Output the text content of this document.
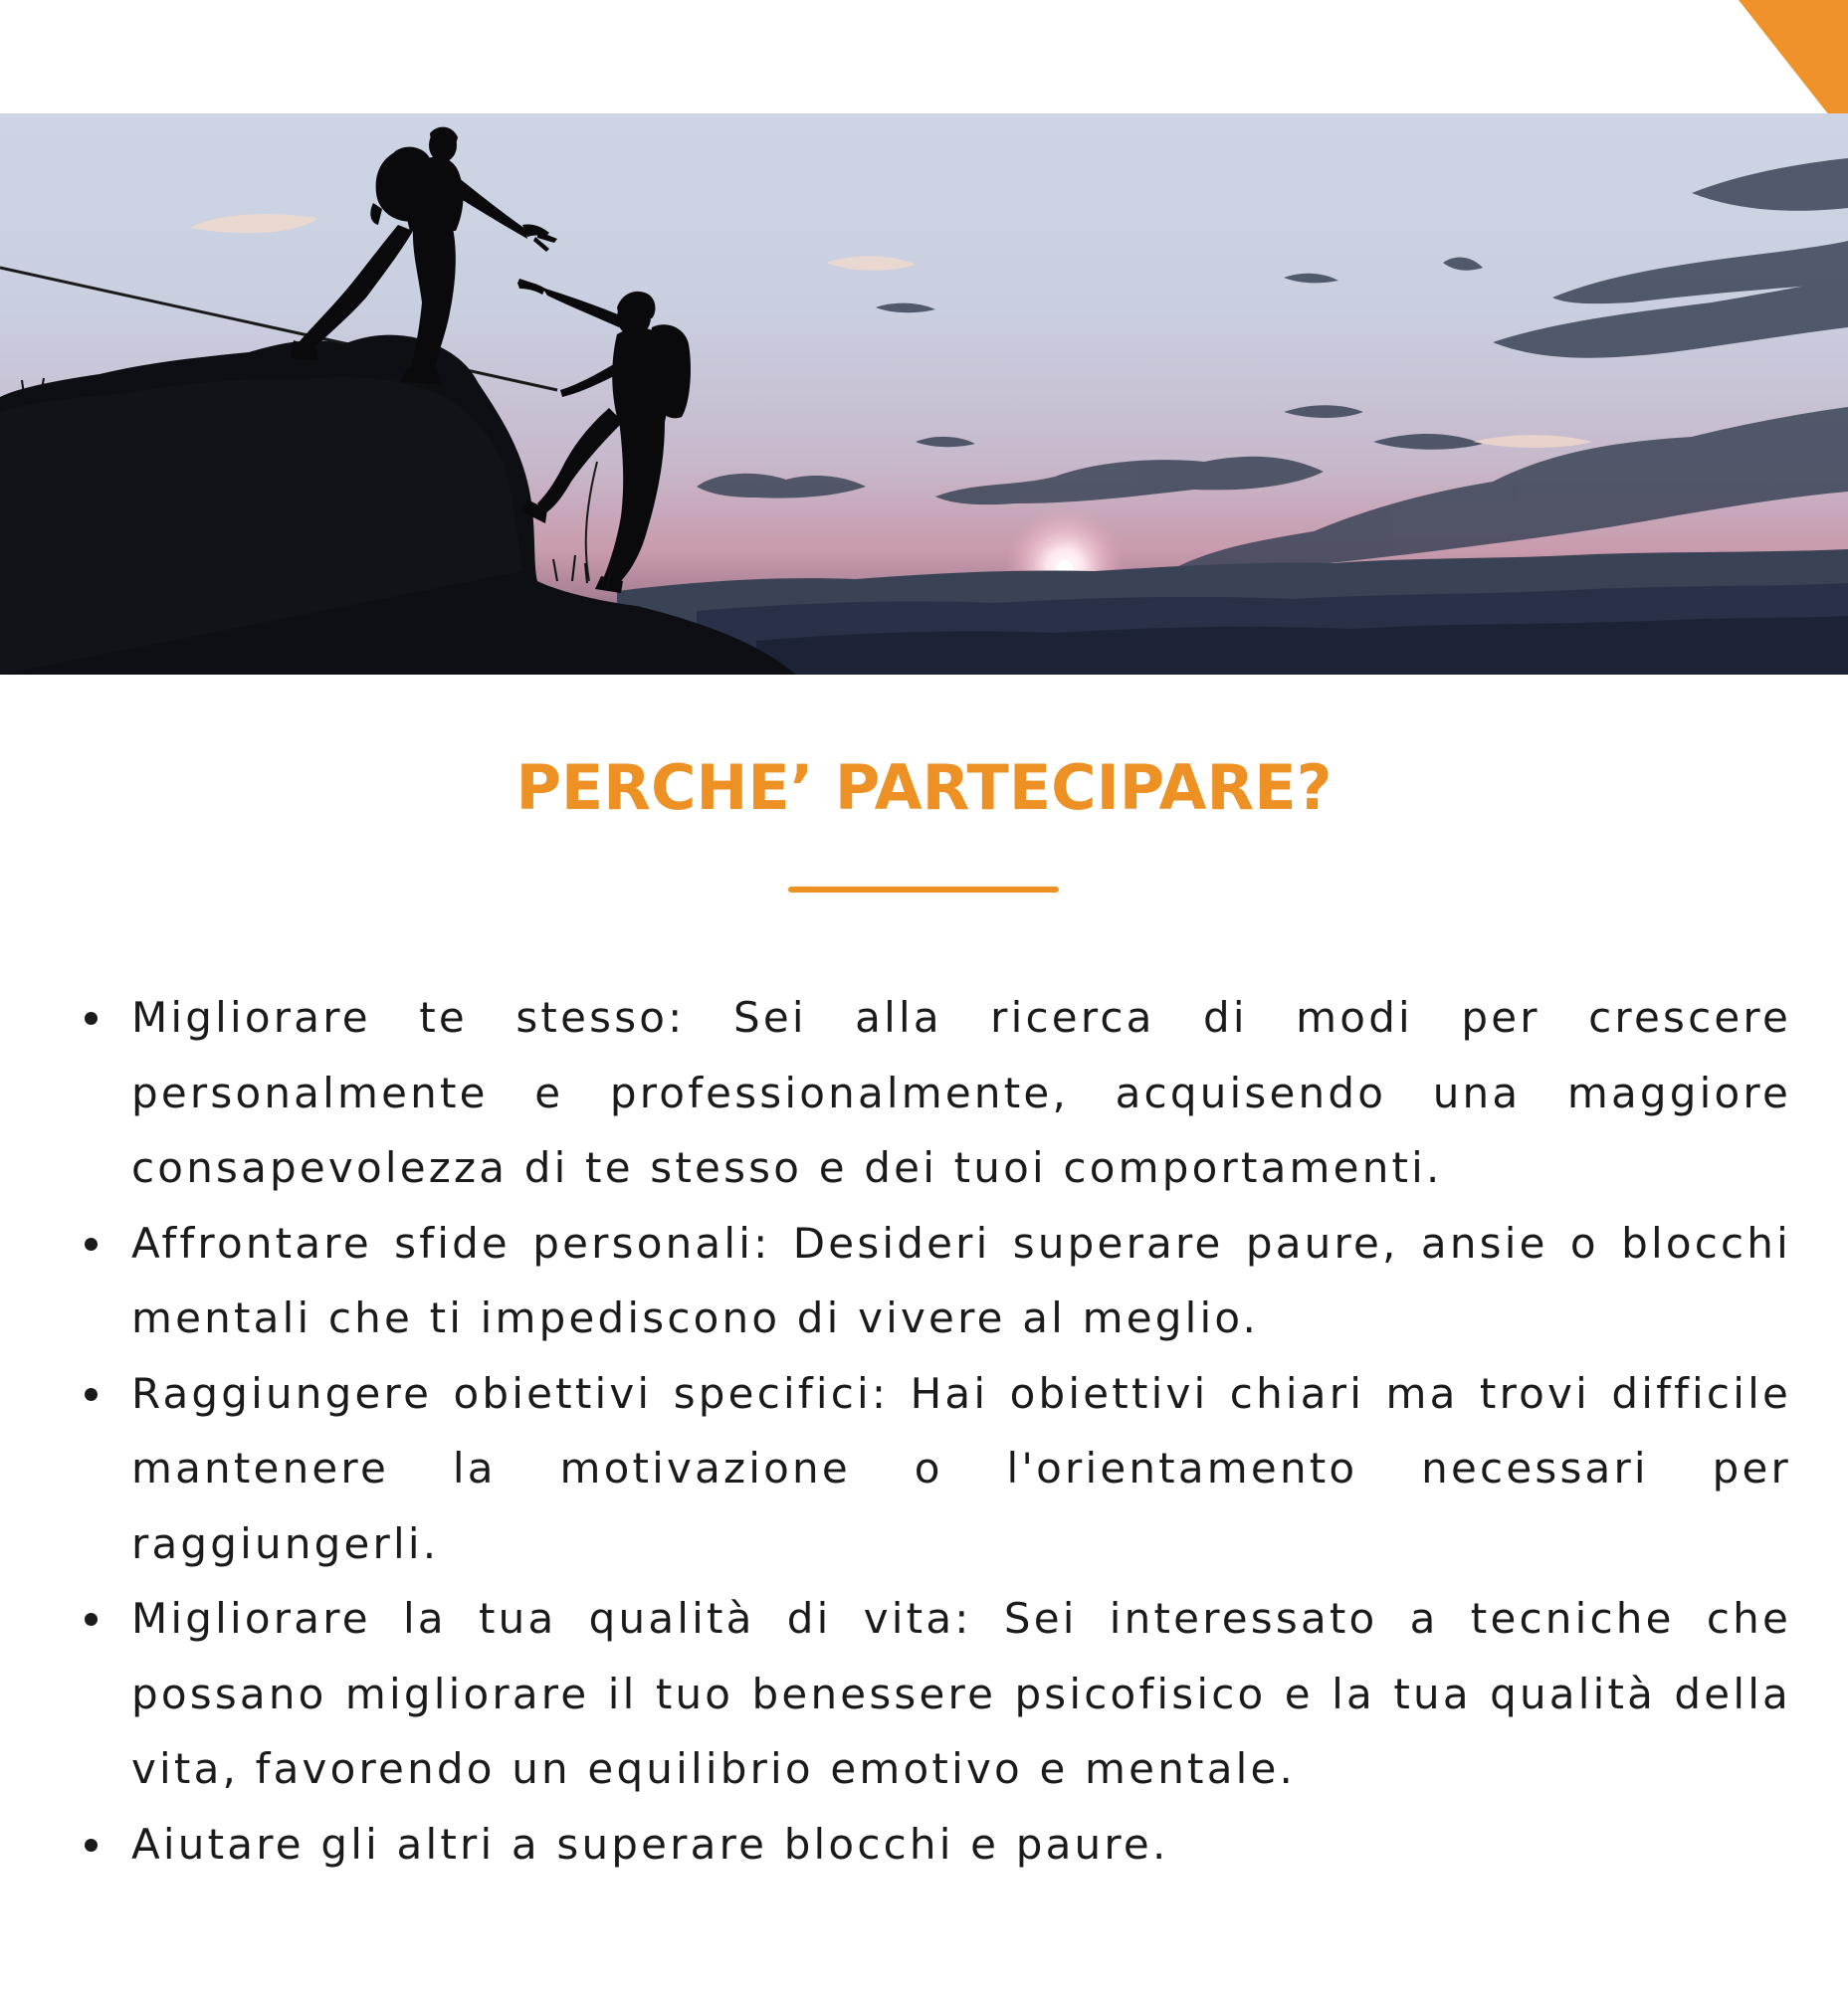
PERCHE’ PARTECIPARE?
Migliorare te stesso: Sei alla ricerca di modi per crescere personalmente e professionalmente, acquisendo una maggiore consapevolezza di te stesso e dei tuoi comportamenti.
Affrontare sfide personali: Desideri superare paure, ansie o blocchi mentali che ti impediscono di vivere al meglio.
Raggiungere obiettivi specifici: Hai obiettivi chiari ma trovi difficile mantenere la motivazione o l'orientamento necessari per raggiungerli.
Migliorare la tua qualità di vita: Sei interessato a tecniche che possano migliorare il tuo benessere psicofisico e la tua qualità della vita, favorendo un equilibrio emotivo e mentale.
Aiutare gli altri a superare blocchi e paure.
